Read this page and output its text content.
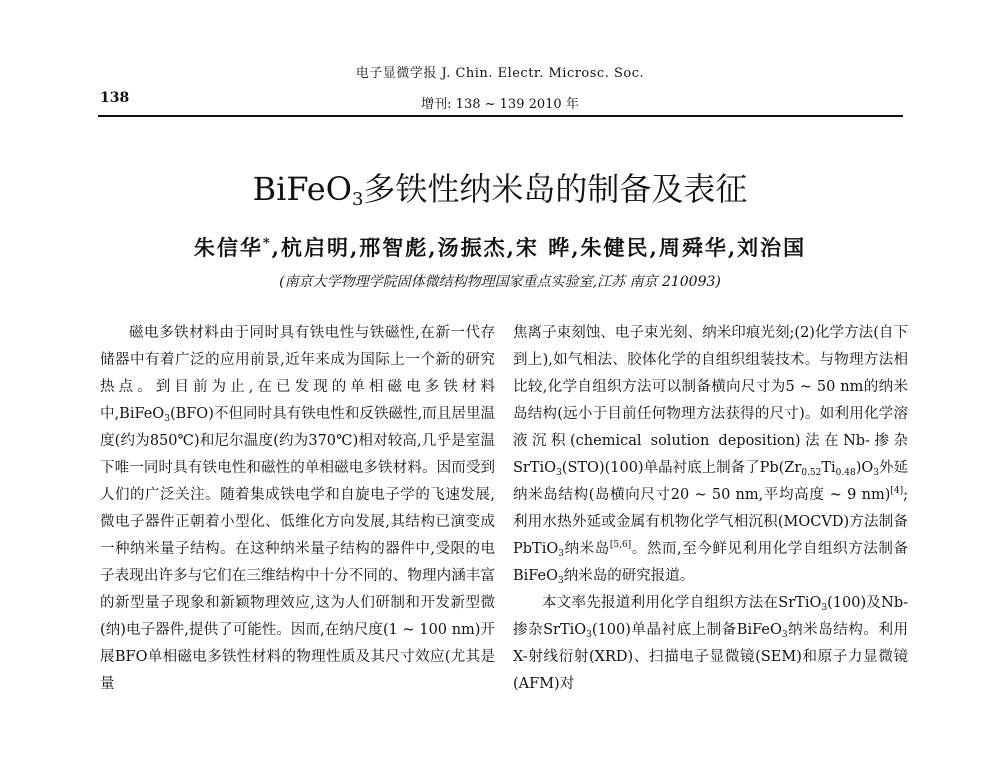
电子显微学报 J. Chin. Electr. Microsc. Soc.
138	增刊: 138 ~ 139 2010 年
BiFeO$_3$多铁性纳米岛的制备及表征
朱信华*,杭启明,邢智彪,汤振杰,宋 晔,朱健民,周舜华,刘治国
(南京大学物理学院固体微结构物理国家重点实验室,江苏 南京 210093)

磁电多铁材料由于同时具有铁电性与铁磁性,在新一代存储器中有着广泛的应用前景,近年来成为国际上一个新的研究热点。到目前为止,在已发现的单相磁电多铁材料中,BiFeO$_3$(BFO)不但同时具有铁电性和反铁磁性,而且居里温度(约为850℃)和尼尔温度(约为370℃)相对较高,几乎是室温下唯一同时具有铁电性和磁性的单相磁电多铁材料。因而受到人们的广泛关注。随着集成铁电学和自旋电子学的飞速发展,微电子器件正朝着小型化、低维化方向发展,其结构已演变成一种纳米量子结构。在这种纳米量子结构的器件中,受限的电子表现出许多与它们在三维结构中十分不同的、物理内涵丰富的新型量子现象和新颖物理效应,这为人们研制和开发新型微(纳)电子器件,提供了可能性。因而,在纳尺度(1 ~ 100 nm)开展BFO单相磁电多铁性材料的物理性质及其尺寸效应(尤其是量

焦离子束刻蚀、电子束光刻、纳米印痕光刻;(2)化学方法(自下到上),如气相法、胶体化学的自组织组装技术。与物理方法相比较,化学自组织方法可以制备横向尺寸为5 ~ 50 nm的纳米岛结构(远小于目前任何物理方法获得的尺寸)。如利用化学溶液沉积(chemical solution deposition)法在Nb-掺杂SrTiO$_3$(STO)(100)单晶衬底上制备了$Pb(Zr_{0.52}Ti_{0.48})O_3$外延纳米岛结构(岛横向尺寸20 ~ 50 nm,平均高度 ~ 9 nm)[4];利用水热外延或金属有机物化学气相沉积(MOCVD)方法制备PbTiO$_3$纳米岛[5,6]。然而,至今鲜见利用化学自组织方法制备BiFeO$_3$纳米岛的研究报道。

本文率先报道利用化学自组织方法在SrTiO$_3$(100)及Nb-掺杂SrTiO$_3$(100)单晶衬底上制备BiFeO$_3$纳米岛结构。利用X-射线衍射(XRD)、扫描电子显微镜(SEM)和原子力显微镜(AFM)对
